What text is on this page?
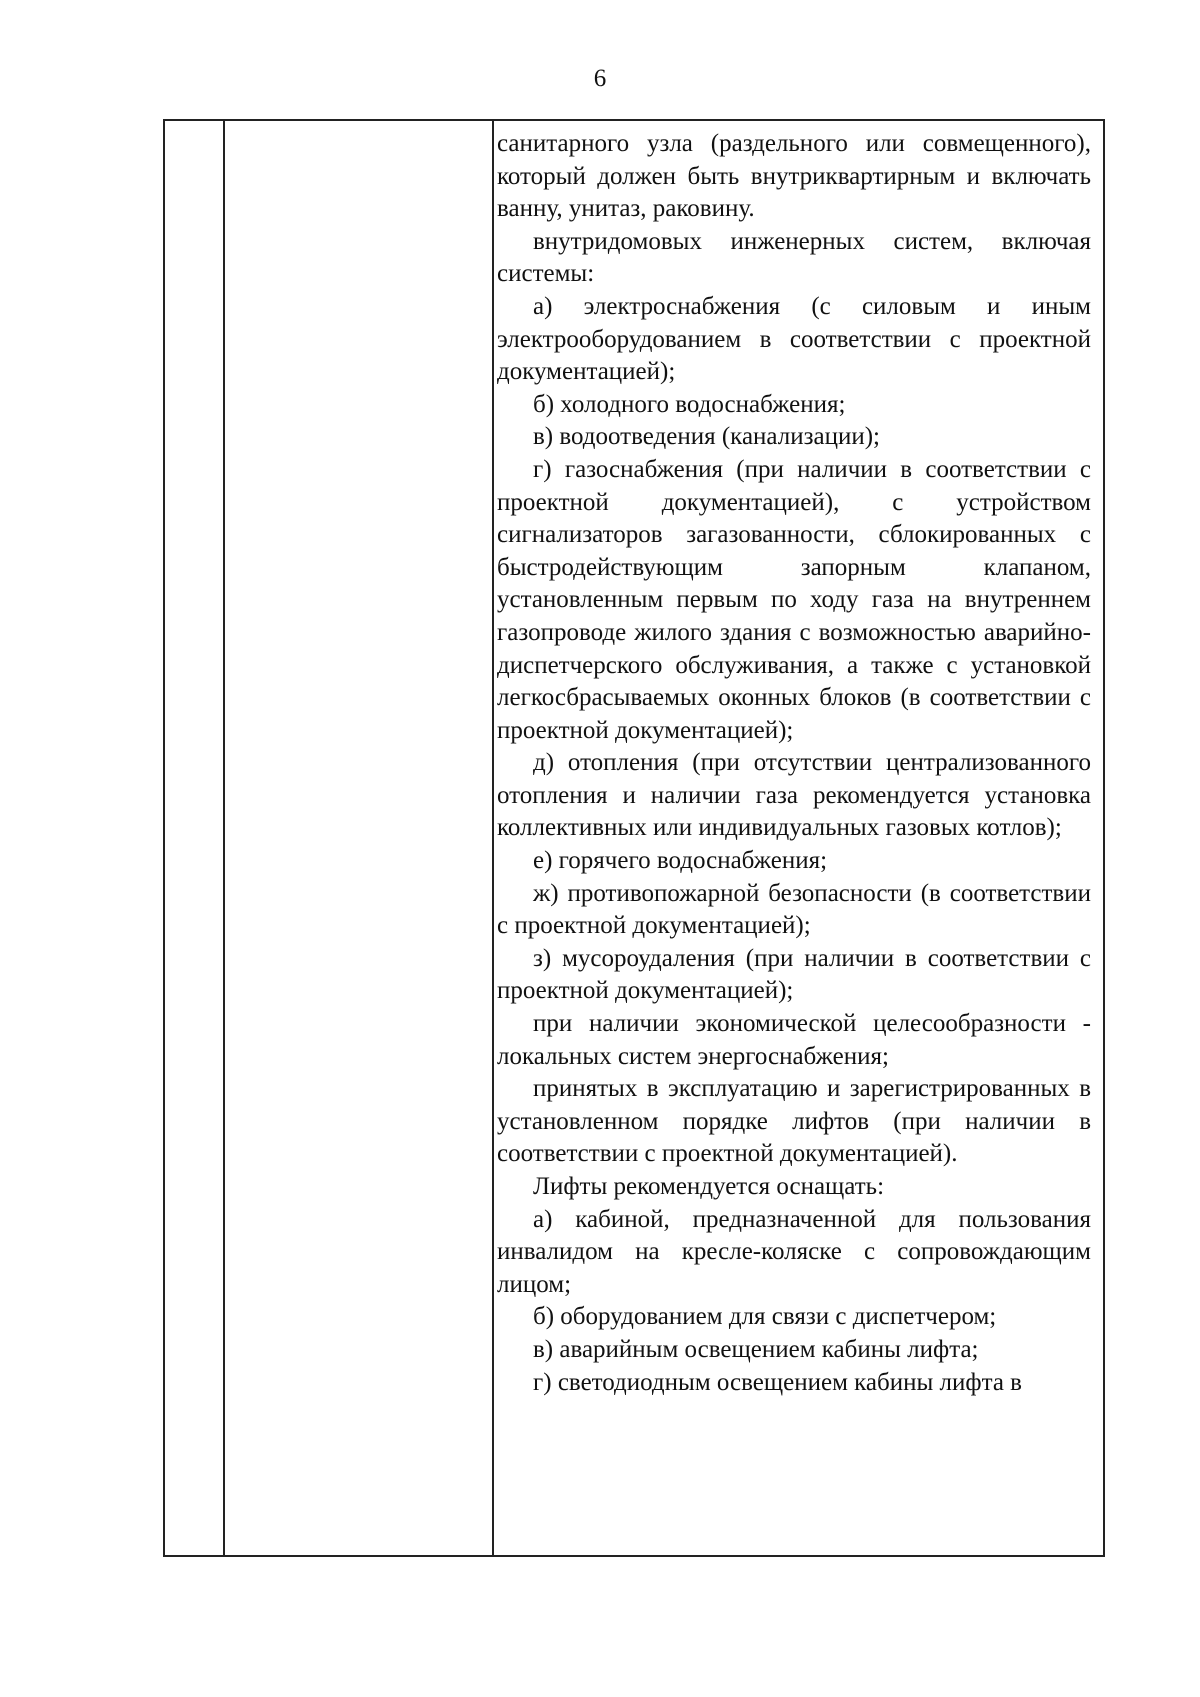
6

санитарного узла (раздельного или совмещенного), который должен быть внутриквартирным и включать ванну, унитаз, раковину.

внутридомовых инженерных систем, включая системы:

а) электроснабжения (с силовым и иным электрооборудованием в соответствии с проектной документацией);

б) холодного водоснабжения;

в) водоотведения (канализации);

г) газоснабжения (при наличии в соответствии с проектной документацией), с устройством сигнализаторов загазованности, сблокированных с быстродействующим запорным клапаном, установленным первым по ходу газа на внутреннем газопроводе жилого здания с возможностью аварийно-диспетчерского обслуживания, а также с установкой легкосбрасываемых оконных блоков (в соответствии с проектной документацией);

д) отопления (при отсутствии централизованного отопления и наличии газа рекомендуется установка коллективных или индивидуальных газовых котлов);

е) горячего водоснабжения;

ж) противопожарной безопасности (в соответствии с проектной документацией);

з) мусороудаления (при наличии в соответствии с проектной документацией);

при наличии экономической целесообразности - локальных систем энергоснабжения;

принятых в эксплуатацию и зарегистрированных в установленном порядке лифтов (при наличии в соответствии с проектной документацией).

Лифты рекомендуется оснащать:

а) кабиной, предназначенной для пользования инвалидом на кресле-коляске с сопровождающим лицом;

б) оборудованием для связи с диспетчером;

в) аварийным освещением кабины лифта;

г) светодиодным освещением кабины лифта в
